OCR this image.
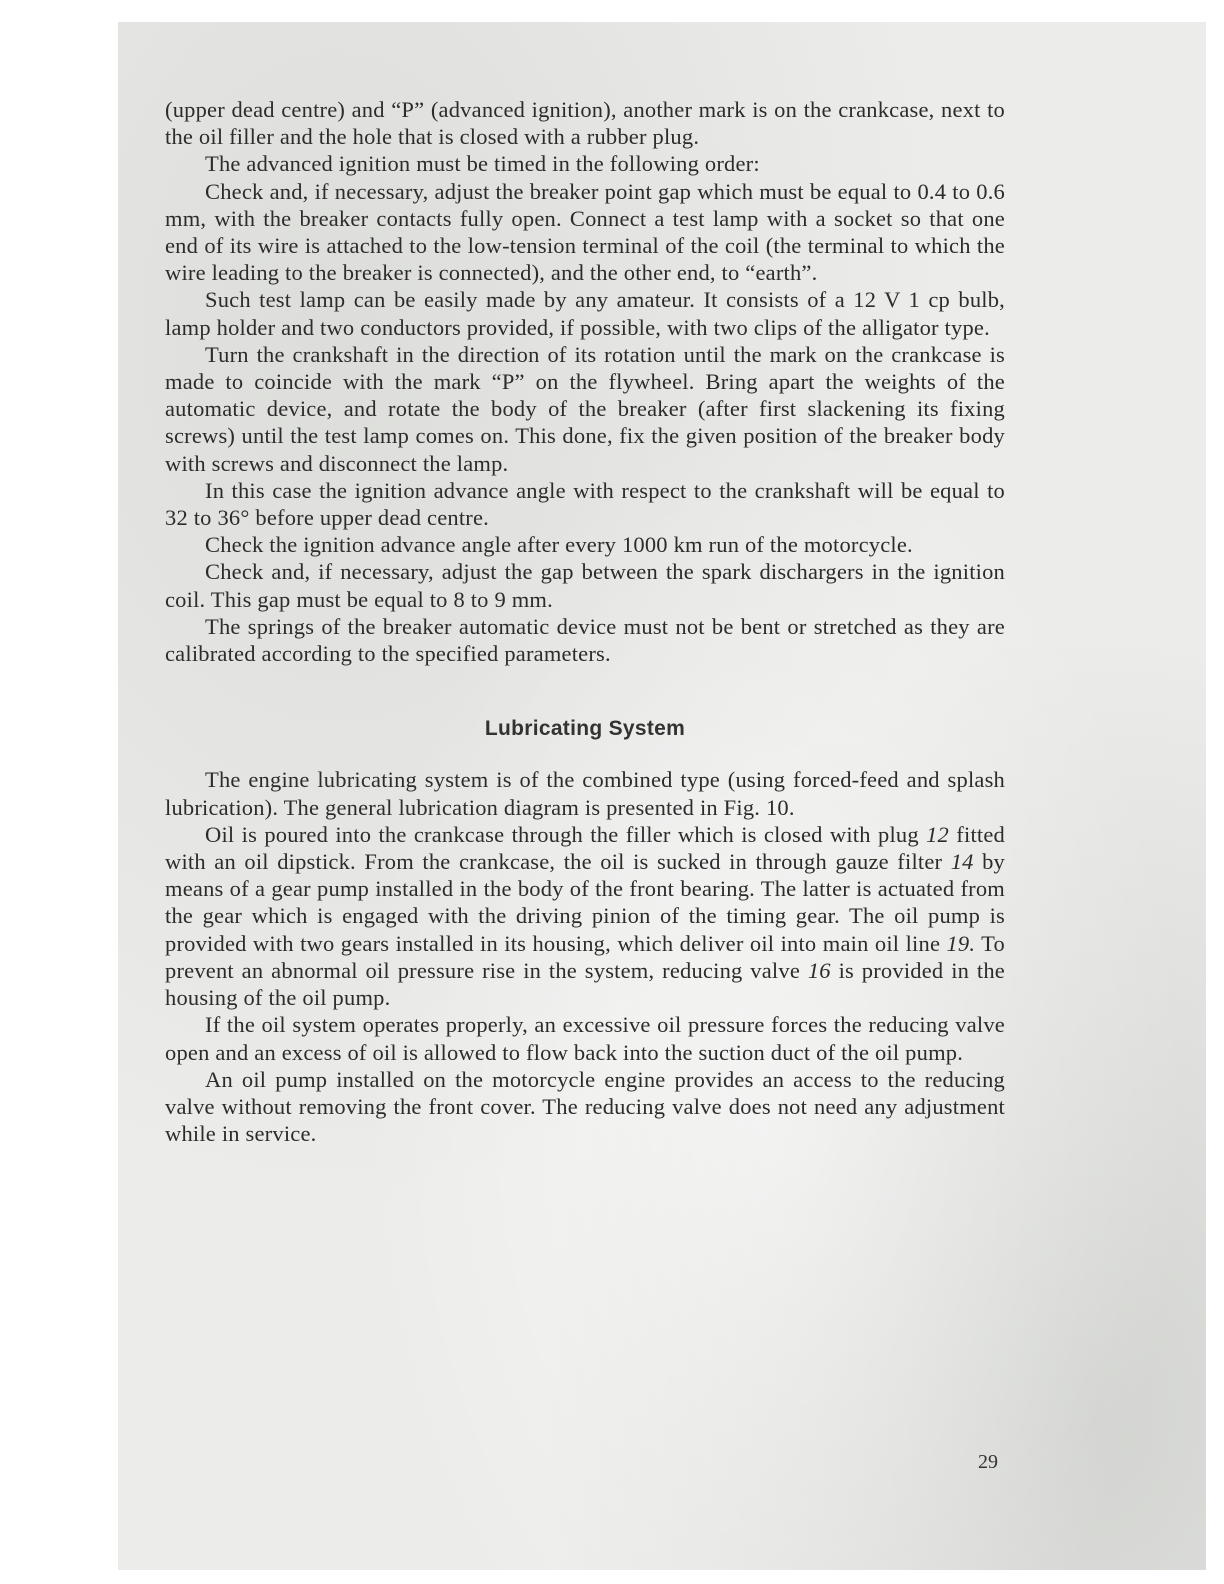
(upper dead centre) and “P” (advanced ignition), another mark is on the crankcase, next to the oil filler and the hole that is closed with a rubber plug.

The advanced ignition must be timed in the following order:

Check and, if necessary, adjust the breaker point gap which must be equal to 0.4 to 0.6 mm, with the breaker contacts fully open. Connect a test lamp with a socket so that one end of its wire is attached to the low-tension terminal of the coil (the terminal to which the wire leading to the breaker is connected), and the other end, to “earth”.

Such test lamp can be easily made by any amateur. It consists of a 12 V 1 cp bulb, lamp holder and two conductors provided, if possible, with two clips of the alligator type.

Turn the crankshaft in the direction of its rotation until the mark on the crankcase is made to coincide with the mark “P” on the flywheel. Bring apart the weights of the automatic device, and rotate the body of the breaker (after first slackening its fixing screws) until the test lamp comes on. This done, fix the given position of the breaker body with screws and disconnect the lamp.

In this case the ignition advance angle with respect to the crankshaft will be equal to 32 to 36° before upper dead centre.

Check the ignition advance angle after every 1000 km run of the motorcycle.

Check and, if necessary, adjust the gap between the spark dischargers in the ignition coil. This gap must be equal to 8 to 9 mm.

The springs of the breaker automatic device must not be bent or stretched as they are calibrated according to the specified parameters.

Lubricating System

The engine lubricating system is of the combined type (using forced-feed and splash lubrication). The general lubrication diagram is presented in Fig. 10.

Oil is poured into the crankcase through the filler which is closed with plug 12 fitted with an oil dipstick. From the crankcase, the oil is sucked in through gauze filter 14 by means of a gear pump installed in the body of the front bearing. The latter is actuated from the gear which is engaged with the driving pinion of the timing gear. The oil pump is provided with two gears installed in its housing, which deliver oil into main oil line 19. To prevent an abnormal oil pressure rise in the system, reducing valve 16 is provided in the housing of the oil pump.

If the oil system operates properly, an excessive oil pressure forces the reducing valve open and an excess of oil is allowed to flow back into the suction duct of the oil pump.

An oil pump installed on the motorcycle engine provides an access to the reducing valve without removing the front cover. The reducing valve does not need any adjustment while in service.

29
